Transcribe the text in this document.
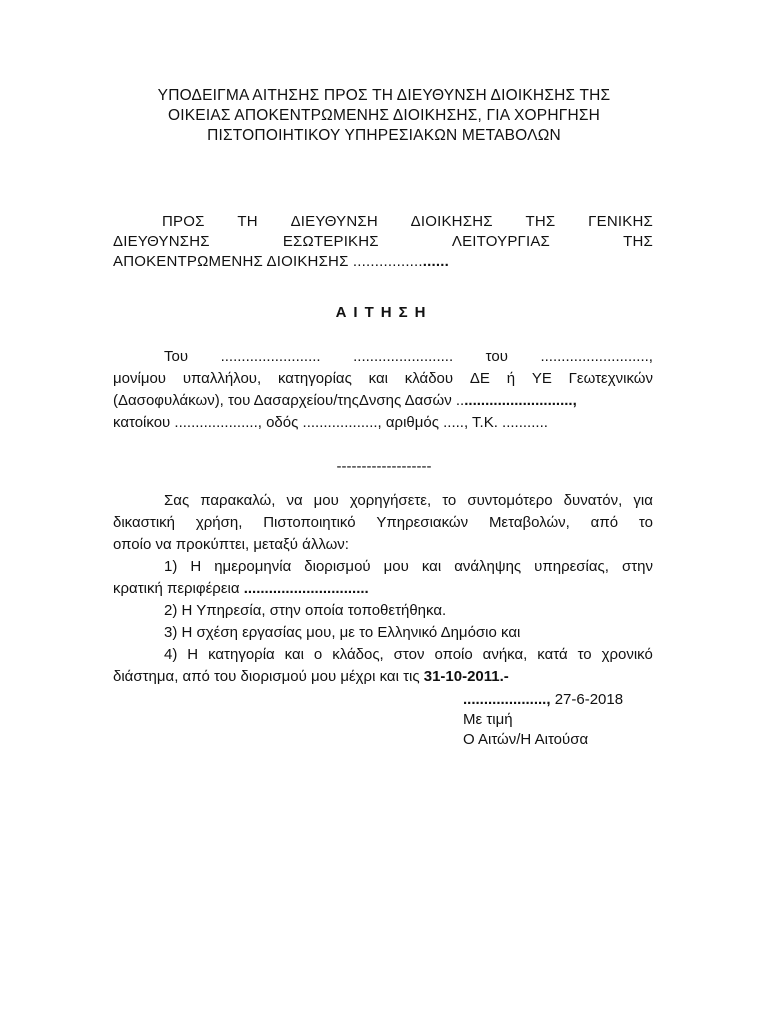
ΥΠΟΔΕΙΓΜΑ ΑΙΤΗΣΗΣ ΠΡΟΣ ΤΗ ΔΙΕΥΘΥΝΣΗ ΔΙΟΙΚΗΣΗΣ ΤΗΣ
ΟΙΚΕΙΑΣ ΑΠΟΚΕΝΤΡΩΜΕΝΗΣ ΔΙΟΙΚΗΣΗΣ, ΓΙΑ ΧΟΡΗΓΗΣΗ
ΠΙΣΤΟΠΟΙΗΤΙΚΟΥ ΥΠΗΡΕΣΙΑΚΩΝ ΜΕΤΑΒΟΛΩΝ
ΠΡΟΣ ΤΗ ΔΙΕΥΘΥΝΣΗ ΔΙΟΙΚΗΣΗΣ ΤΗΣ ΓΕΝΙΚΗΣ
ΔΙΕΥΘΥΝΣΗΣ	ΕΣΩΤΕΡΙΚΗΣ	ΛΕΙΤΟΥΡΓΙΑΣ	ΤΗΣ
ΑΠΟΚΕΝΤΡΩΜΕΝΗΣ ΔΙΟΙΚΗΣΗΣ ................ ......
ΑΙΤΗΣΗ
Του ........................ ........................ του ..........................,
μονίμου υπαλλήλου, κατηγορίας και κλάδου ΔΕ ή ΥΕ Γεωτεχνικών
(Δασοφυλάκων), του Δασαρχείου/τηςΔνσης Δασών ............................,
κατοίκου ...................., οδός .................., αριθμός ....., Τ.Κ. ...........
-------------------
Σας παρακαλώ, να μου χορηγήσετε, το συντομότερο δυνατόν, για
δικαστική χρήση, Πιστοποιητικό Υπηρεσιακών Μεταβολών, από το
οποίο να προκύπτει, μεταξύ άλλων:
1) Η ημερομηνία διορισμού μου και ανάληψης υπηρεσίας, στην
κρατική περιφέρεια ..............................
2) Η Υπηρεσία, στην οποία τοποθετήθηκα.
3) Η σχέση εργασίας μου, με το Ελληνικό Δημόσιο και
4) Η κατηγορία και ο κλάδος, στον οποίο ανήκα, κατά το χρονικό
διάστημα, από του διορισμού μου μέχρι και τις 31-10-2011.-
...................., 27-6-2018
Με τιμή
Ο Αιτών/Η Αιτούσα
